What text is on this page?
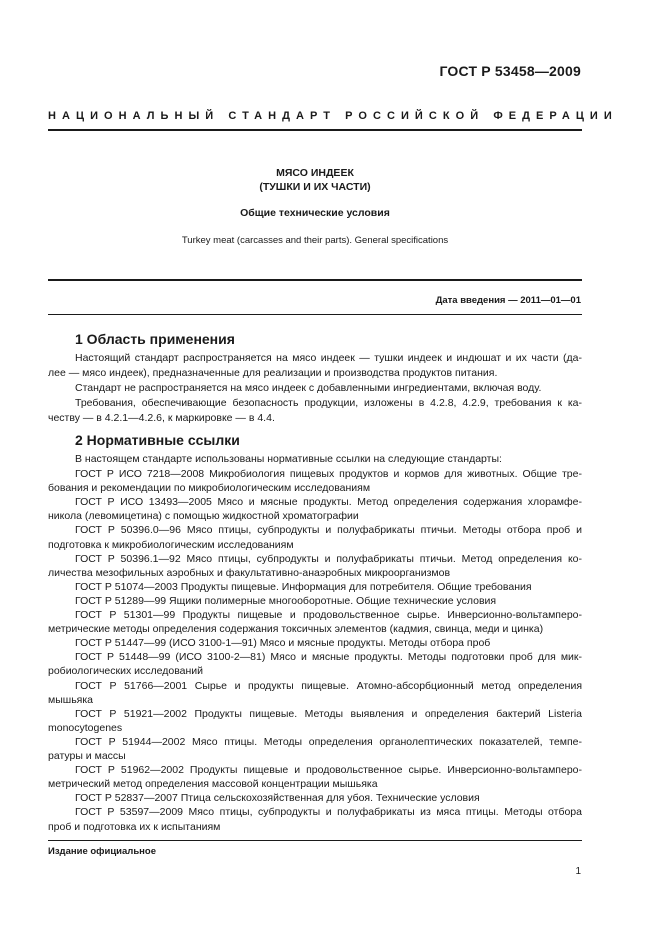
ГОСТ Р 53458—2009
НАЦИОНАЛЬНЫЙ СТАНДАРТ РОССИЙСКОЙ ФЕДЕРАЦИИ
МЯСО ИНДЕЕК
(ТУШКИ И ИХ ЧАСТИ)
Общие технические условия
Turkey meat (carcasses and their parts). General specifications
Дата введения — 2011—01—01
1 Область применения
Настоящий стандарт распространяется на мясо индеек — тушки индеек и индюшат и их части (да-
лее — мясо индеек), предназначенные для реализации и производства продуктов питания.
Стандарт не распространяется на мясо индеек с добавленными ингредиентами, включая воду.
Требования, обеспечивающие безопасность продукции, изложены в 4.2.8, 4.2.9, требования к ка-
честву — в 4.2.1—4.2.6, к маркировке — в 4.4.
2 Нормативные ссылки
В настоящем стандарте использованы нормативные ссылки на следующие стандарты:
ГОСТ Р ИСО 7218—2008 Микробиология пищевых продуктов и кормов для животных. Общие тре-
бования и рекомендации по микробиологическим исследованиям
ГОСТ Р ИСО 13493—2005 Мясо и мясные продукты. Метод определения содержания хлорамфе-
никола (левомицетина) с помощью жидкостной хроматографии
ГОСТ Р 50396.0—96 Мясо птицы, субпродукты и полуфабрикаты птичьи. Методы отбора проб и
подготовка к микробиологическим исследованиям
ГОСТ Р 50396.1—92 Мясо птицы, субпродукты и полуфабрикаты птичьи. Метод определения ко-
личества мезофильных аэробных и факультативно-анаэробных микроорганизмов
ГОСТ Р 51074—2003 Продукты пищевые. Информация для потребителя. Общие требования
ГОСТ Р 51289—99 Ящики полимерные многооборотные. Общие технические условия
ГОСТ Р 51301—99 Продукты пищевые и продовольственное сырье. Инверсионно-вольтамперо-
метрические методы определения содержания токсичных элементов (кадмия, свинца, меди и цинка)
ГОСТ Р 51447—99 (ИСО 3100-1—91) Мясо и мясные продукты. Методы отбора проб
ГОСТ Р 51448—99 (ИСО 3100-2—81) Мясо и мясные продукты. Методы подготовки проб для мик-
робиологических исследований
ГОСТ Р 51766—2001 Сырье и продукты пищевые. Атомно-абсорбционный метод определения
мышьяка
ГОСТ Р 51921—2002 Продукты пищевые. Методы выявления и определения бактерий Listeria
monocytogenes
ГОСТ Р 51944—2002 Мясо птицы. Методы определения органолептических показателей, темпе-
ратуры и массы
ГОСТ Р 51962—2002 Продукты пищевые и продовольственное сырье. Инверсионно-вольтамперо-
метрический метод определения массовой концентрации мышьяка
ГОСТ Р 52837—2007 Птица сельскохозяйственная для убоя. Технические условия
Издание официальное
1
ГОСТ Р 53597—2009 Мясо птицы, субпродукты и полуфабрикаты из мяса птицы. Методы отбора
проб и подготовка их к испытаниям
